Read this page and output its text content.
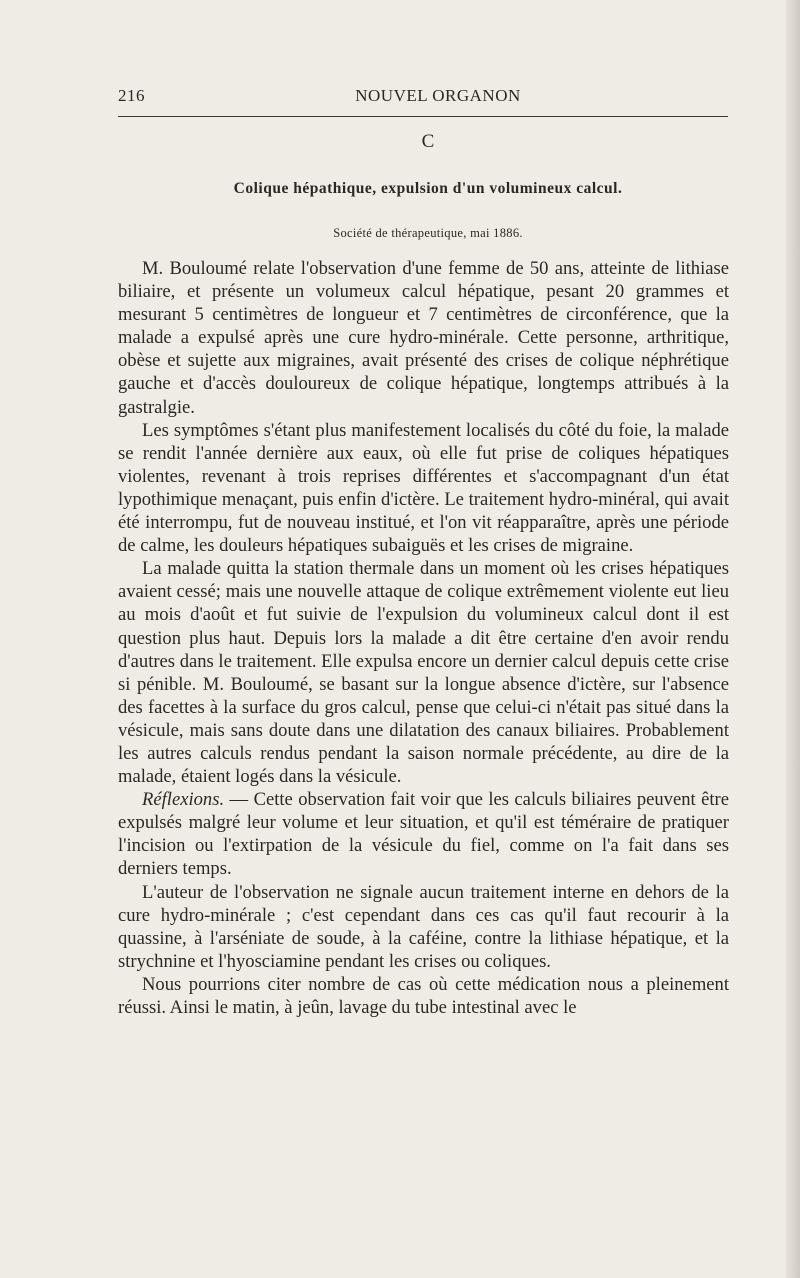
216	NOUVEL ORGANON
C
Colique hépathique, expulsion d'un volumineux calcul.
Société de thérapeutique, mai 1886.

M. Bouloumé relate l'observation d'une femme de 50 ans, atteinte de lithiase biliaire, et présente un volumeux calcul hépatique, pesant 20 grammes et mesurant 5 centimètres de longueur et 7 centimètres de circonférence, que la malade a expulsé après une cure hydro-minérale. Cette personne, arthritique, obèse et sujette aux migraines, avait présenté des crises de colique néphrétique gauche et d'accès douloureux de colique hépatique, longtemps attribués à la gastralgie.

Les symptômes s'étant plus manifestement localisés du côté du foie, la malade se rendit l'année dernière aux eaux, où elle fut prise de coliques hépatiques violentes, revenant à trois reprises différentes et s'accompagnant d'un état lypothimique menaçant, puis enfin d'ictère. Le traitement hydro-minéral, qui avait été interrompu, fut de nouveau institué, et l'on vit réapparaître, après une période de calme, les douleurs hépatiques subaiguës et les crises de migraine.

La malade quitta la station thermale dans un moment où les crises hépatiques avaient cessé; mais une nouvelle attaque de colique extrêmement violente eut lieu au mois d'août et fut suivie de l'expulsion du volumineux calcul dont il est question plus haut. Depuis lors la malade a dit être certaine d'en avoir rendu d'autres dans le traitement. Elle expulsa encore un dernier calcul depuis cette crise si pénible. M. Bouloumé, se basant sur la longue absence d'ictère, sur l'absence des facettes à la surface du gros calcul, pense que celui-ci n'était pas situé dans la vésicule, mais sans doute dans une dilatation des canaux biliaires. Probablement les autres calculs rendus pendant la saison normale précédente, au dire de la malade, étaient logés dans la vésicule.

Réflexions. — Cette observation fait voir que les calculs biliaires peuvent être expulsés malgré leur volume et leur situation, et qu'il est téméraire de pratiquer l'incision ou l'extirpation de la vésicule du fiel, comme on l'a fait dans ses derniers temps.

L'auteur de l'observation ne signale aucun traitement interne en dehors de la cure hydro-minérale ; c'est cependant dans ces cas qu'il faut recourir à la quassine, à l'arséniate de soude, à la caféine, contre la lithiase hépatique, et la strychnine et l'hyosciamine pendant les crises ou coliques.

Nous pourrions citer nombre de cas où cette médication nous a pleinement réussi. Ainsi le matin, à jeûn, lavage du tube intestinal avec le
